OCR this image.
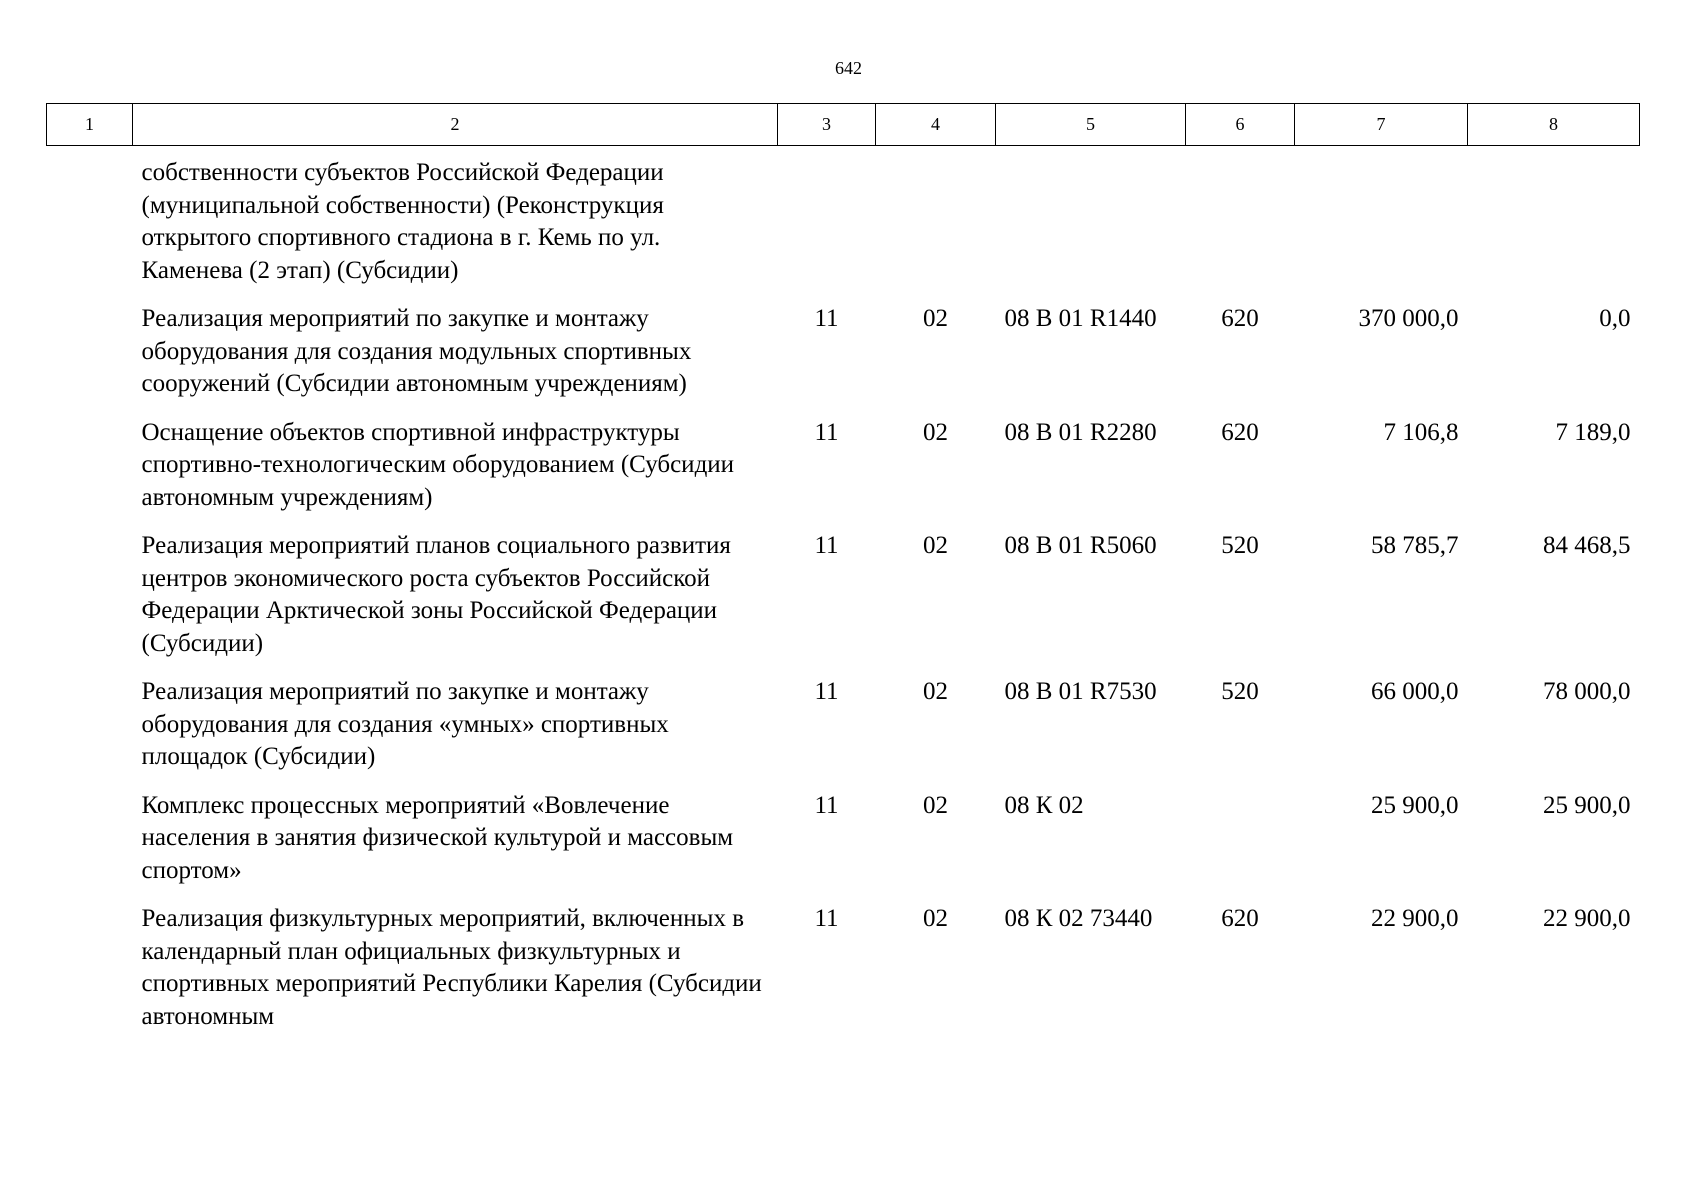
642
1	2	3	4	5	6	7	8
	собственности субъектов Российской Федерации (муниципальной собственности) (Реконструкция открытого спортивного стадиона в г. Кемь по ул. Каменева (2 этап) (Субсидии)						
	Реализация мероприятий по закупке и монтажу оборудования для создания модульных спортивных сооружений (Субсидии автономным учреждениям)	11	02	08 В 01 R1440	620	370 000,0	0,0
	Оснащение объектов спортивной инфраструктуры спортивно-технологическим оборудованием (Субсидии автономным учреждениям)	11	02	08 В 01 R2280	620	7 106,8	7 189,0
	Реализация мероприятий планов социального развития центров экономического роста субъектов Российской Федерации Арктической зоны Российской Федерации (Субсидии)	11	02	08 В 01 R5060	520	58 785,7	84 468,5
	Реализация мероприятий по закупке и монтажу оборудования для создания «умных» спортивных площадок (Субсидии)	11	02	08 В 01 R7530	520	66 000,0	78 000,0
	Комплекс процессных мероприятий «Вовлечение населения в занятия физической культурой и массовым спортом»	11	02	08 К 02		25 900,0	25 900,0
	Реализация физкультурных мероприятий, включенных в календарный план официальных физкультурных и спортивных мероприятий Республики Карелия (Субсидии автономным	11	02	08 К 02 73440	620	22 900,0	22 900,0
